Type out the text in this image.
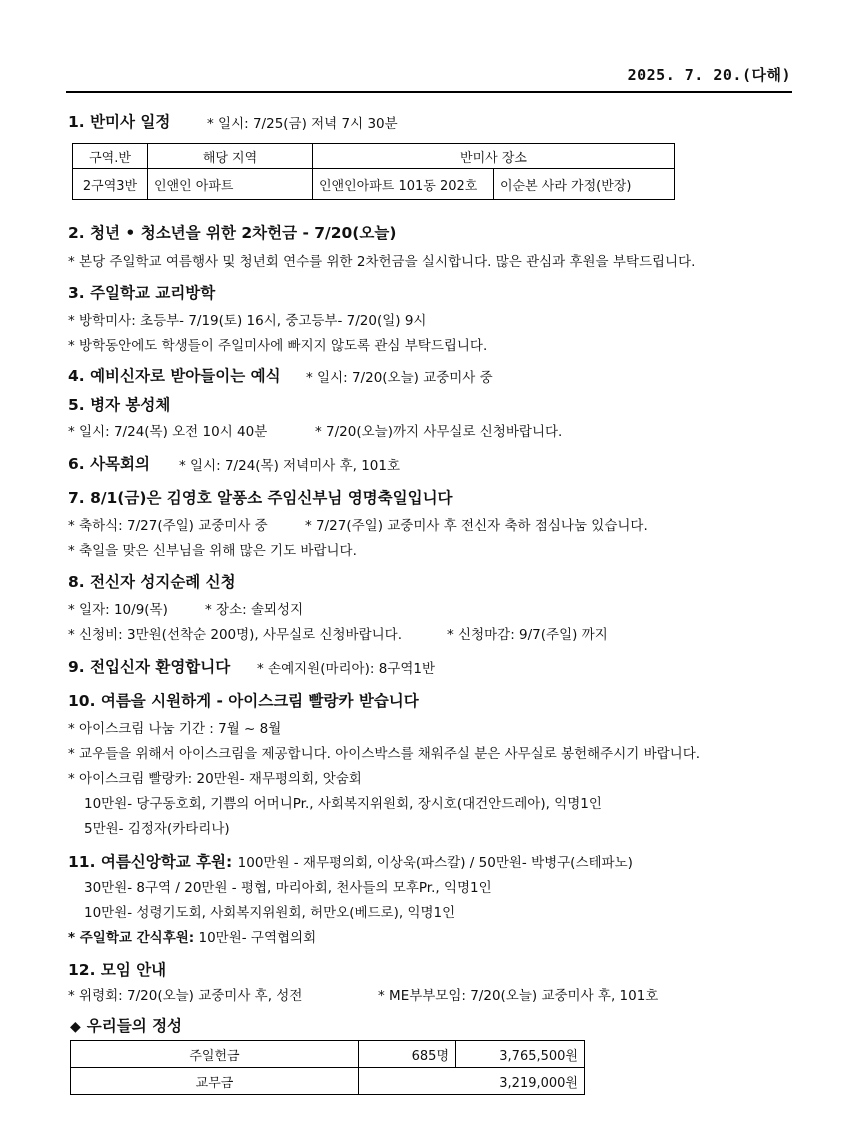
2025. 7. 20.(다해)
1. 반미사 일정	* 일시: 7/25(금) 저녁 7시 30분
구역.반	해당 지역	반미사 장소	
2구역3반	인앤인 아파트	인앤인아파트 101동 202호	이순본 사라 가정(반장)
2. 청년 • 청소년을 위한 2차헌금 - 7/20(오늘)
* 본당 주일학교 여름행사 및 청년회 연수를 위한 2차헌금을 실시합니다. 많은 관심과 후원을 부탁드립니다.
3. 주일학교 교리방학
* 방학미사: 초등부- 7/19(토) 16시, 중고등부- 7/20(일) 9시
* 방학동안에도 학생들이 주일미사에 빠지지 않도록 관심 부탁드립니다.
4. 예비신자로 받아들이는 예식 * 일시: 7/20(오늘) 교중미사 중
5. 병자 봉성체
* 일시: 7/24(목) 오전 10시 40분	* 7/20(오늘)까지 사무실로 신청바랍니다.
6. 사목회의 * 일시: 7/24(목) 저녁미사 후, 101호
7. 8/1(금)은 김영호 알퐁소 주임신부님 영명축일입니다
* 축하식: 7/27(주일) 교중미사 중	* 7/27(주일) 교중미사 후 전신자 축하 점심나눔 있습니다.
* 축일을 맞은 신부님을 위해 많은 기도 바랍니다.
8. 전신자 성지순례 신청
* 일자: 10/9(목)	* 장소: 솔뫼성지
* 신청비: 3만원(선착순 200명), 사무실로 신청바랍니다.	* 신청마감: 9/7(주일) 까지
9. 전입신자 환영합니다 * 손예지원(마리아): 8구역1반
10. 여름을 시원하게 - 아이스크림 빨랑카 받습니다
* 아이스크림 나눔 기간 : 7월 ~ 8월
* 교우들을 위해서 아이스크림을 제공합니다. 아이스박스를 채워주실 분은 사무실로 봉헌해주시기 바랍니다.
* 아이스크림 빨랑카: 20만원- 재무평의회, 앗숨회
10만원- 당구동호회, 기쁨의 어머니Pr., 사회복지위원회, 장시호(대건안드레아), 익명1인
5만원- 김정자(카타리나)
11. 여름신앙학교 후원: 100만원 - 재무평의회, 이상욱(파스칼) / 50만원- 박병구(스테파노)
30만원- 8구역 / 20만원 - 평협, 마리아회, 천사들의 모후Pr., 익명1인
10만원- 성령기도회, 사회복지위원회, 허만오(베드로), 익명1인
* 주일학교 간식후원: 10만원- 구역협의회
12. 모임 안내
* 위령회: 7/20(오늘) 교중미사 후, 성전	* ME부부모임: 7/20(오늘) 교중미사 후, 101호
◆ 우리들의 정성
주일헌금	685명	3,765,500원
교무금	3,219,000원	
